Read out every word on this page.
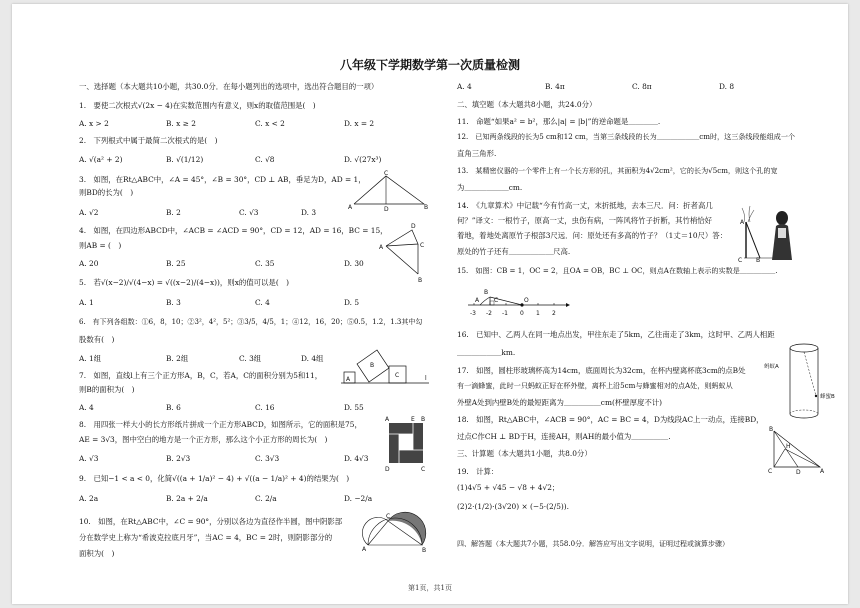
八年级下学期数学第一次质量检测
一、选择题（本大题共10小题，共30.0分．在每小题列出的选项中，选出符合题目的一项）
1.　要使二次根式√(2x − 4)在实数范围内有意义，则x的取值范围是(　)
A. x > 2	B. x ≥ 2	C. x < 2	D. x = 2
2.　下列根式中属于最简二次根式的是(　)
A. √(a² + 2)	B. √(1/12)	C. √8	D. √(27x³)
3.　如图，在Rt△ABC中，∠A = 45°，∠B = 30°，CD ⊥ AB，垂足为D，AD = 1，
则BD的长为(　)
A. √2	B. 2	C. √3	D. 3
4.　如图，在四边形ABCD中，∠ACB = ∠ACD = 90°，CD = 12，AD = 16，BC = 15，
则AB = (　)
A. 20	B. 25	C. 35	D. 30
5.　若√(x−2)/√(4−x) = √((x−2)/(4−x))，则x的值可以是(　)
A. 1	B. 3	C. 4	D. 5
6.　有下列各组数：①6，8，10；②3²，4²，5²；③3/5，4/5，1；④12，16，20；⑤0.5，1.2，1.3其中勾
股数有(　)
A. 1组	B. 2组	C. 3组	D. 4组
7.　如图，直线l上有三个正方形A，B，C，若A，C的面积分别为5和11，
则B的面积为(　)
A. 4	B. 6	C. 16	D. 55
8.　用四张一样大小的长方形纸片拼成一个正方形ABCD，如图所示，它的面积是75，
AE = 3√3，图中空白的地方是一个正方形，那么这个小正方形的周长为(　)
A. √3	B. 2√3	C. 3√3	D. 4√3
9.　已知−1 < a < 0，化简√((a + 1/a)² − 4) + √((a − 1/a)² + 4)的结果为(　)
A. 2a	B. 2a + 2/a	C. 2/a	D. −2/a
10.　如图，在Rt△ABC中，∠C = 90°，分别以各边为直径作半圆，图中阴影部
分在数学史上称为“希波克拉底月牙”，当AC = 4，BC = 2时，则阴影部分的
面积为(　)
A. 4	B. 4π	C. 8π	D. 8
二、填空题（本大题共8小题，共24.0分）
11.　命题“如果a² = b²，那么|a| = |b|”的逆命题是＿＿＿＿.
12.　已知两条线段的长为5 cm和12 cm，当第三条线段的长为＿＿＿＿＿＿cm时，这三条线段能组成一个
直角三角形.
13.　某精密仪器的一个零件上有一个长方形的孔，其面积为4√2cm²，它的长为√5cm，则这个孔的宽
为＿＿＿＿＿＿cm.
14.　《九章算术》中记载“今有竹高一丈，末折抵地，去本三尺．问：折者高几
何？”译文：一根竹子，原高一丈，虫伤有病，一阵风将竹子折断，其竹梢恰好
着地，着地处离原竹子根部3尺远．问：原处还有多高的竹子？（1丈＝10尺）答：
原处的竹子还有＿＿＿＿＿＿尺高.
15.　如图：CB = 1，OC = 2，且OA = OB，BC ⊥ OC，则点A在数轴上表示的实数是＿＿＿＿＿.
16.　已知中、乙两人在同一地点出发，甲往东走了5km，乙往南走了3km，这时甲、乙两人相距
＿＿＿＿＿＿km.
17.　如图，圆柱形玻璃杯高为14cm，底面周长为32cm，在杯内壁离杯底3cm的点B处
有一滴蜂蜜，此时一只蚂蚁正好在杯外壁，离杯上沿5cm与蜂蜜相对的点A处，则蚂蚁从
外壁A处到内壁B处的最短距离为＿＿＿＿＿cm(杯壁厚度不计)
18.　如图，Rt△ABC中，∠ACB = 90°，AC = BC = 4，D为线段AC上一动点，连接BD，
过点C作CH ⊥ BD于H，连接AH，则AH的最小值为＿＿＿＿＿.
三、计算题（本大题共1小题，共8.0分）
19.　计算：
(1)4√5 + √45 − √8 + 4√2；
(2)2·(1/2)·(3√20) × (−5·(2/5)).
四、解答题（本大题共7小题，共58.0分．解答应写出文字说明，证明过程或演算步骤）
C
A	D	B
D
A	C
B
A
B
C	l
A	E B
D	C
C
A	B
C B
A
B
A C	O
-3 -2 -1 0 1 2
蚂蚁A
蜂蜜B
B
C	A
D
H
第1页，共1页
